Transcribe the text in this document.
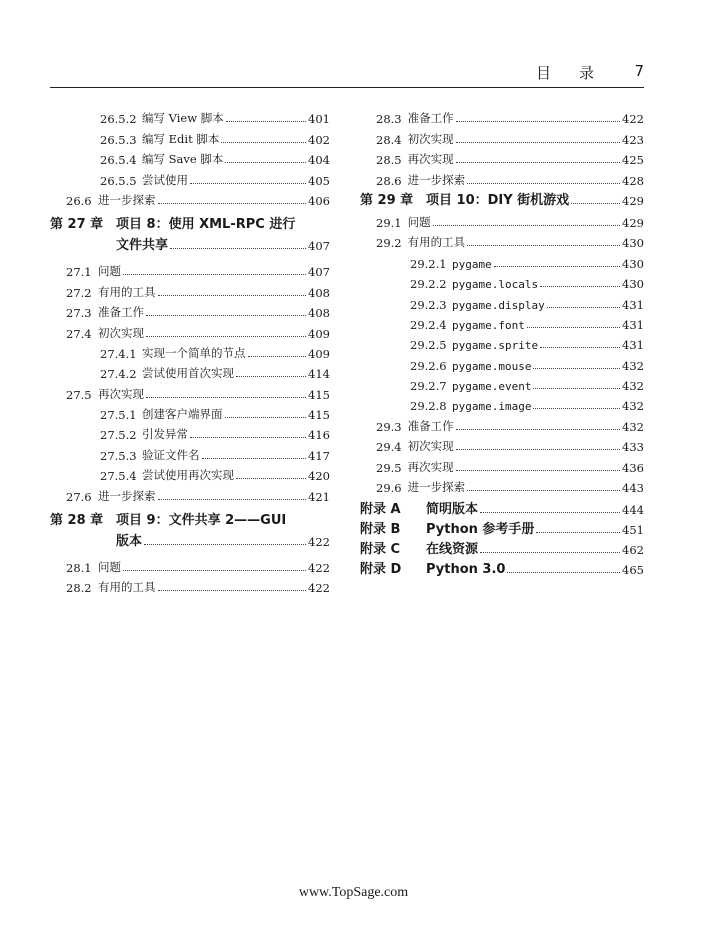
目录 7
26.5.2 编写 View 脚本	401
26.5.3 编写 Edit 脚本	402
26.5.4 编写 Save 脚本	404
26.5.5 尝试使用	405
26.6 进一步探索	406
第 27 章 项目 8：使用 XML-RPC 进行
文件共享	407
27.1 问题	407
27.2 有用的工具	408
27.3 准备工作	408
27.4 初次实现	409
27.4.1 实现一个简单的节点	409
27.4.2 尝试使用首次实现	414
27.5 再次实现	415
27.5.1 创建客户端界面	415
27.5.2 引发异常	416
27.5.3 验证文件名	417
27.5.4 尝试使用再次实现	420
27.6 进一步探索	421
第 28 章 项目 9：文件共享 2——GUI
版本	422
28.1 问题	422
28.2 有用的工具	422
28.3 准备工作	422
28.4 初次实现	423
28.5 再次实现	425
28.6 进一步探索	428
第 29 章 项目 10：DIY 街机游戏	429
29.1 问题	429
29.2 有用的工具	430
29.2.1 pygame	430
29.2.2 pygame.locals	430
29.2.3 pygame.display	431
29.2.4 pygame.font	431
29.2.5 pygame.sprite	431
29.2.6 pygame.mouse	432
29.2.7 pygame.event	432
29.2.8 pygame.image	432
29.3 准备工作	432
29.4 初次实现	433
29.5 再次实现	436
29.6 进一步探索	443
附录 A	简明版本	444
附录 B	Python 参考手册	451
附录 C	在线资源	462
附录 D	Python 3.0	465
www.TopSage.com
